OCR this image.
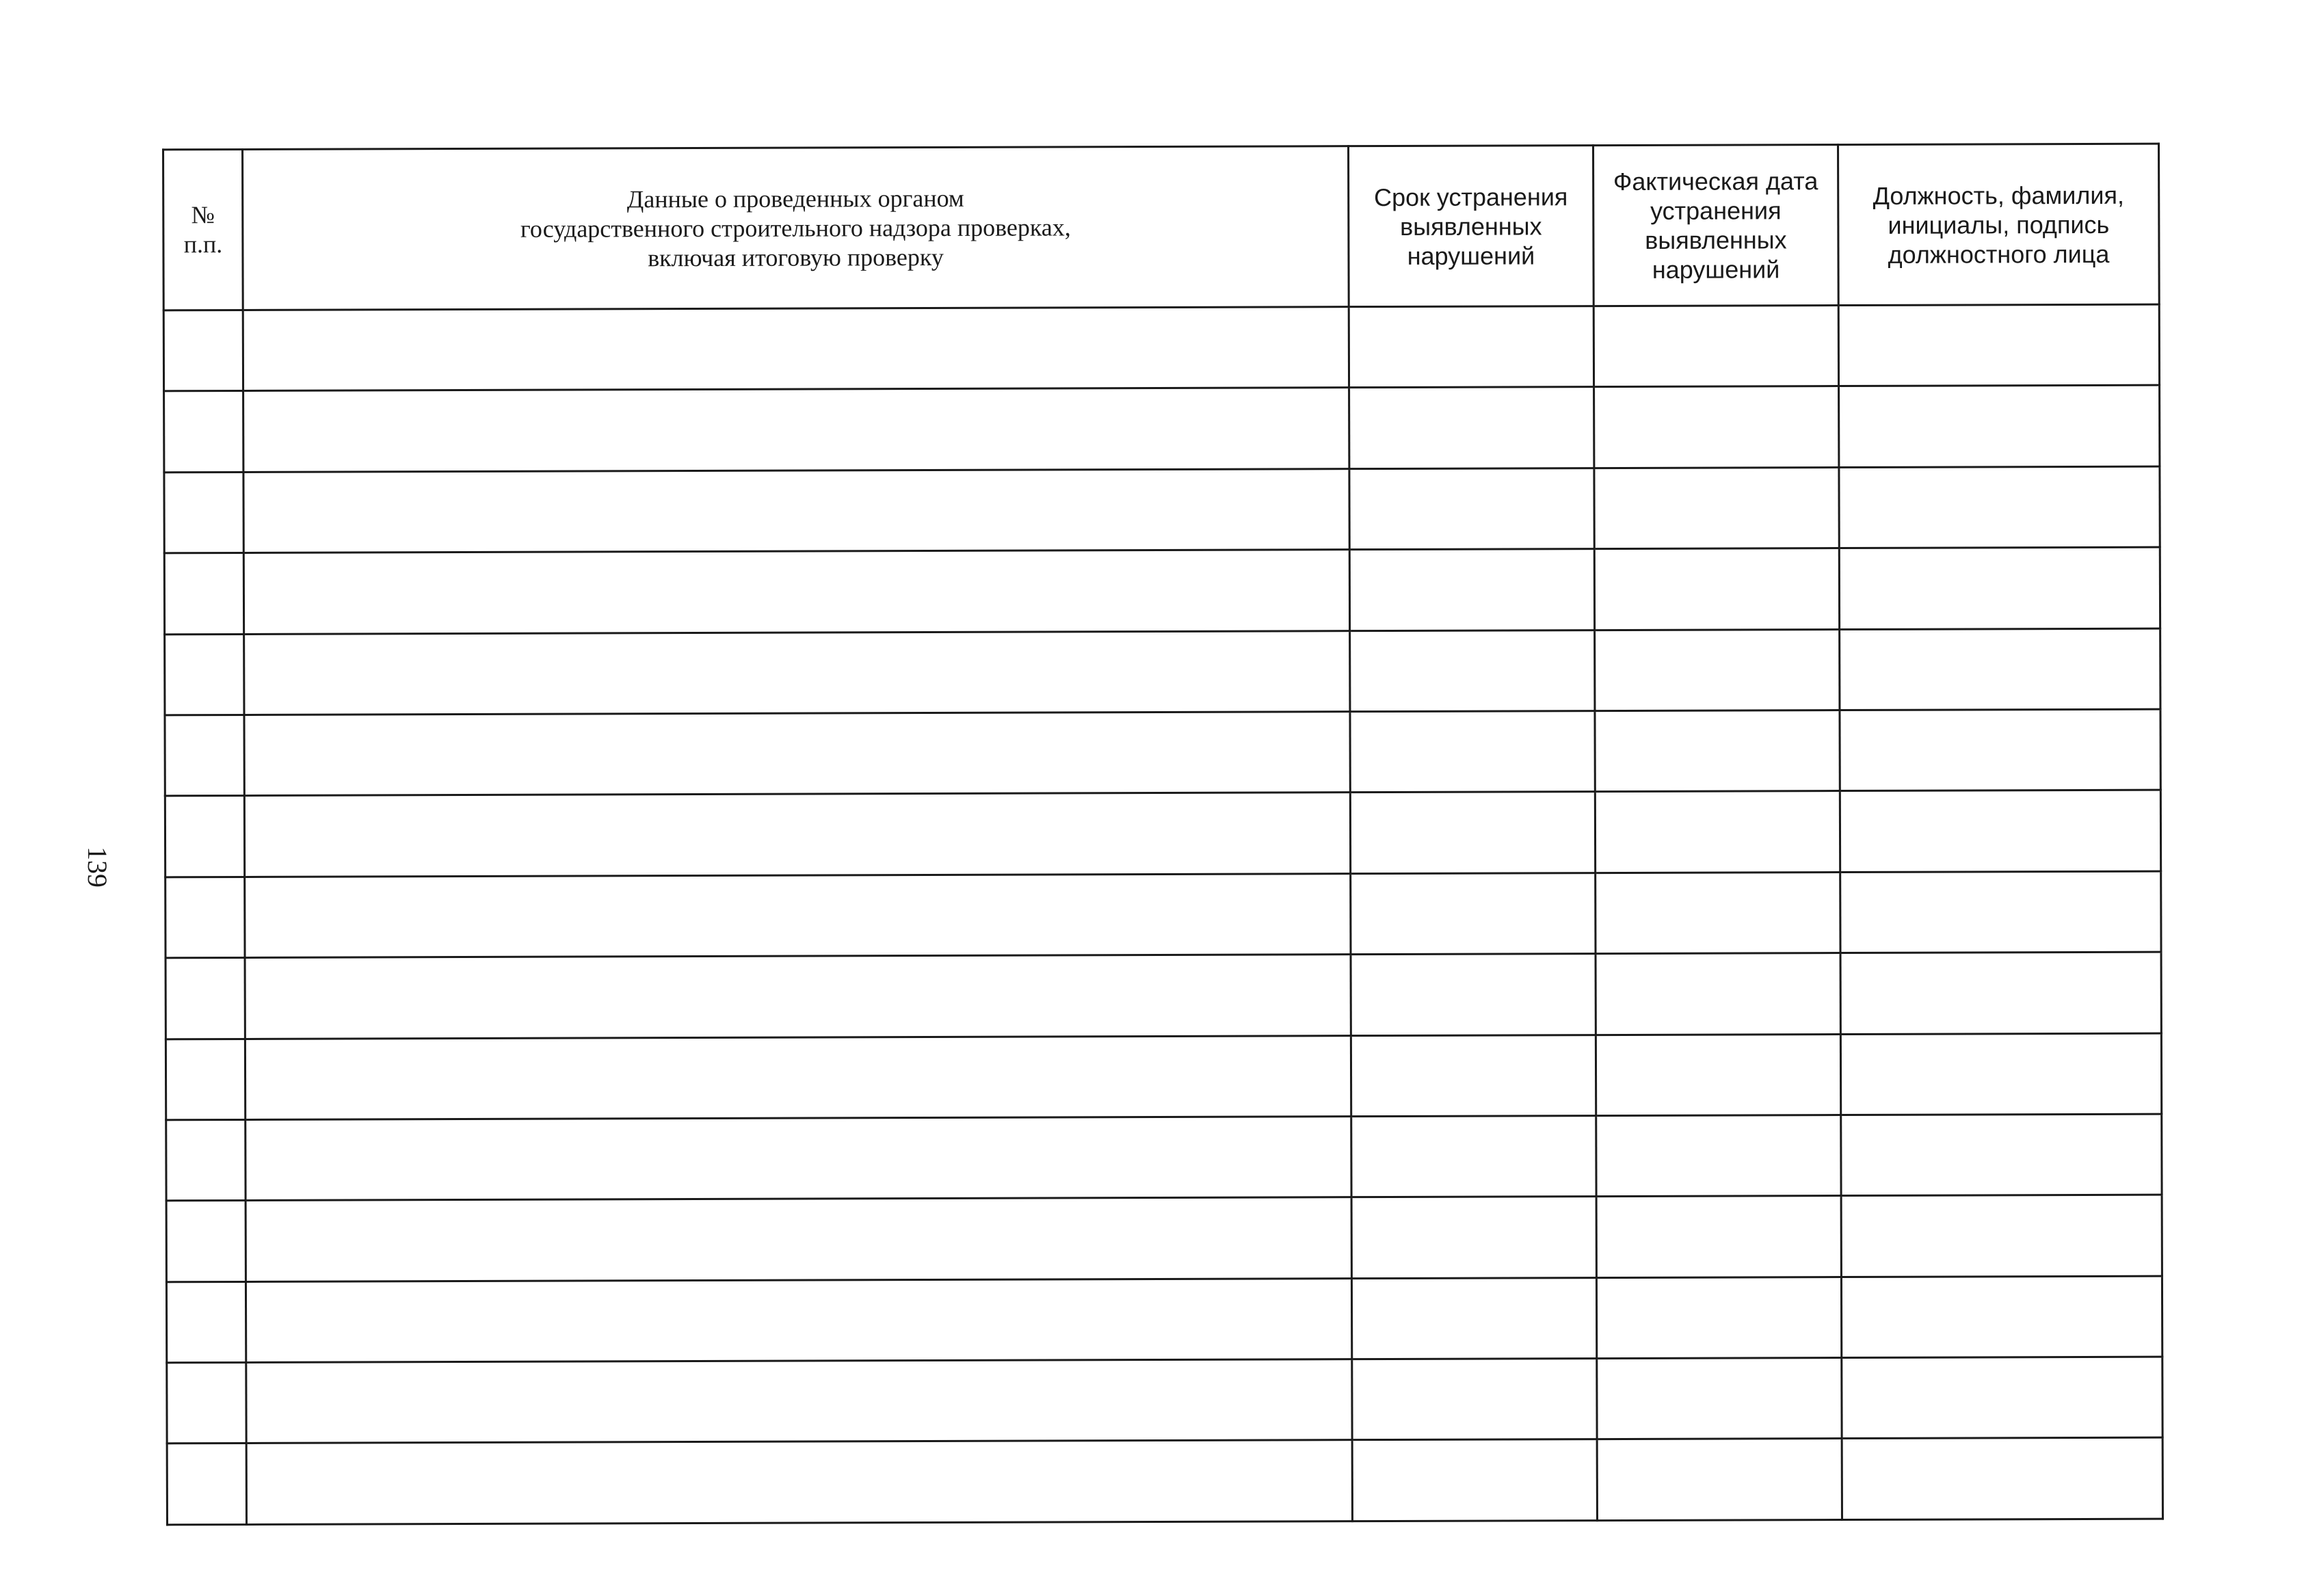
139
№
п.п.	Данные о проведенных органом
государственного строительного надзора проверках,
включая итоговую проверку	Срок устранения
выявленных
нарушений	Фактическая дата
устранения
выявленных
нарушений	Должность, фамилия,
инициалы, подпись
должностного лица
